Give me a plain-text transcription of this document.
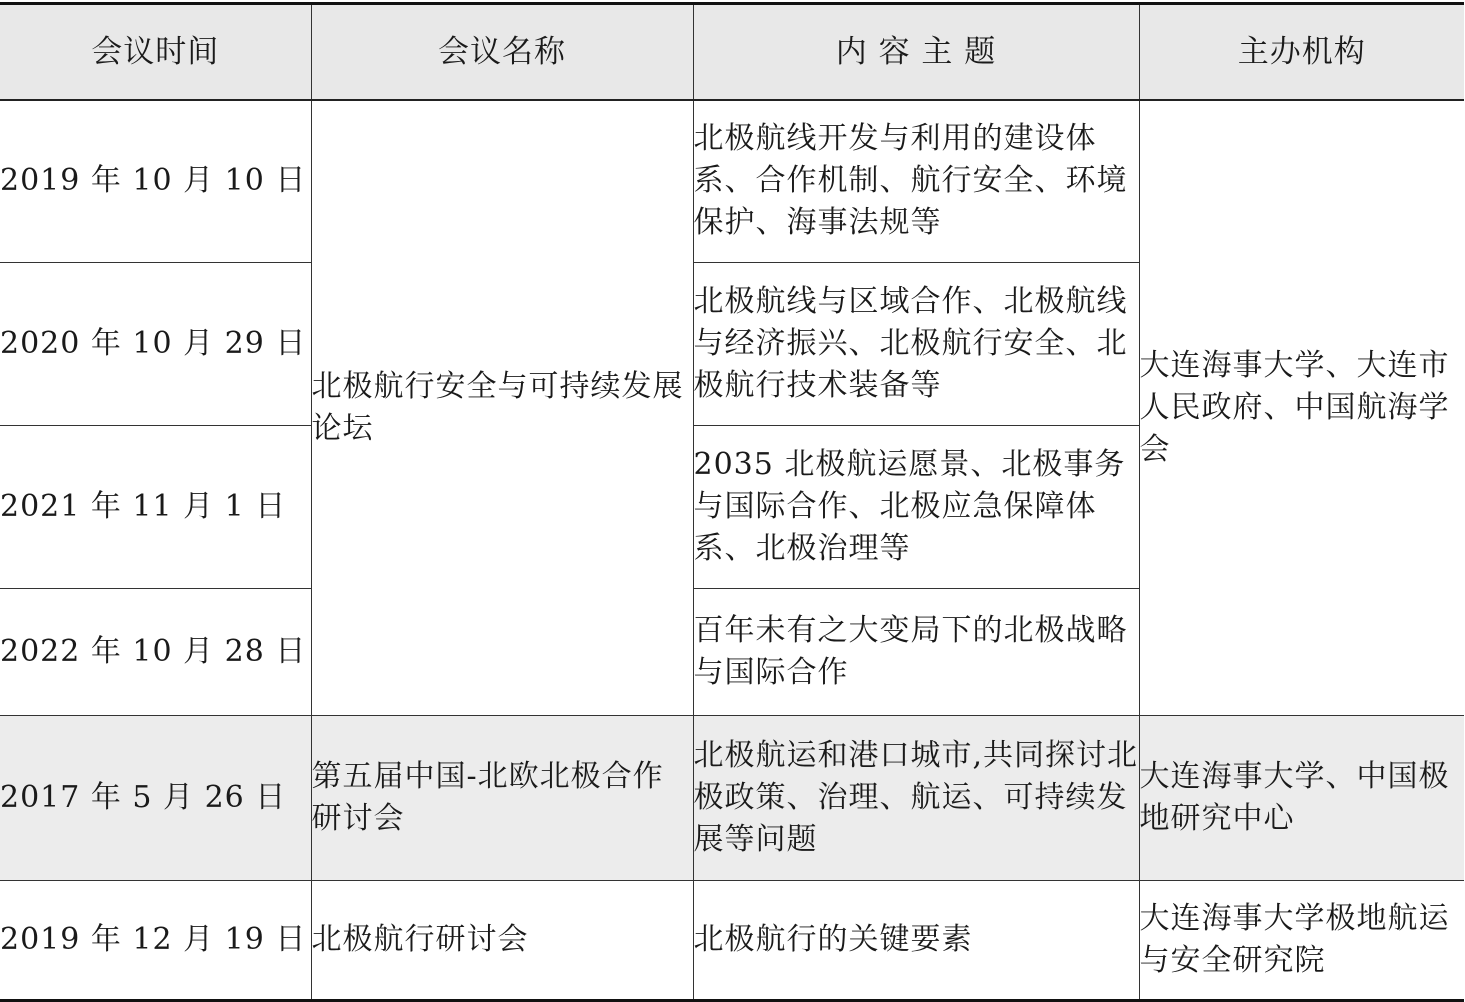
会议时间	会议名称	内 容 主 题	主办机构
2019 年 10 月 10 日	北极航行安全与可持续发展论坛	北极航线开发与利用的建设体系、合作机制、航行安全、环境保护、海事法规等	大连海事大学、大连市人民政府、中国航海学会
2020 年 10 月 29 日		北极航线与区域合作、北极航线与经济振兴、北极航行安全、北极航行技术装备等	
2021 年 11 月 1 日		2035 北极航运愿景、北极事务与国际合作、北极应急保障体系、北极治理等	
2022 年 10 月 28 日		百年未有之大变局下的北极战略与国际合作	
2017 年 5 月 26 日	第五届中国-北欧北极合作研讨会	北极航运和港口城市,共同探讨北极政策、治理、航运、可持续发展等问题	大连海事大学、中国极地研究中心
2019 年 12 月 19 日	北极航行研讨会	北极航行的关键要素	大连海事大学极地航运与安全研究院
